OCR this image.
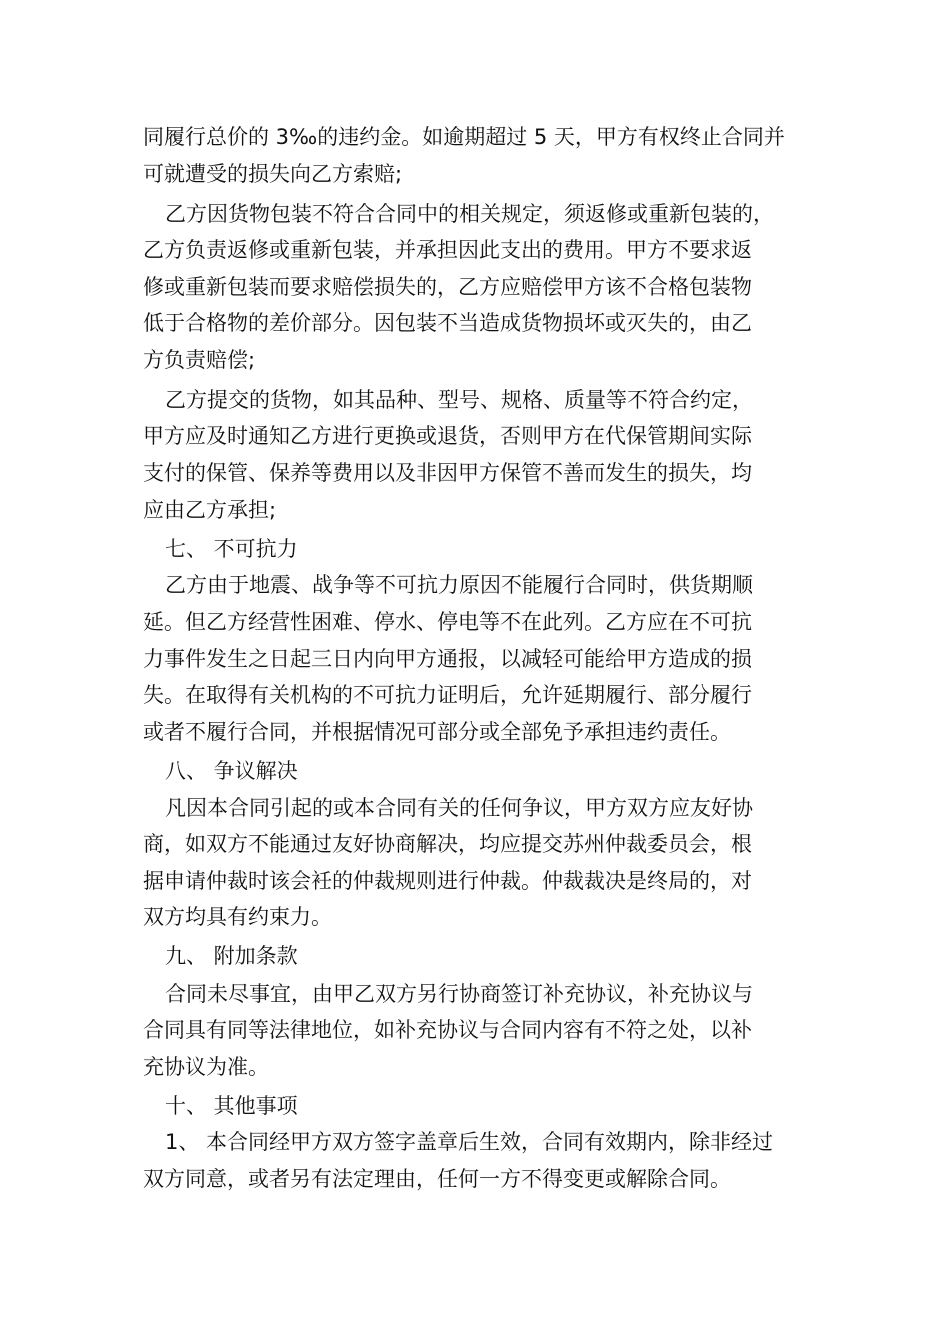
同履行总价的 3‰的违约金。如逾期超过 5 天，甲方有权终止合同并
可就遭受的损失向乙方索赔;
乙方因货物包装不符合合同中的相关规定，须返修或重新包装的，
乙方负责返修或重新包装，并承担因此支出的费用。甲方不要求返
修或重新包装而要求赔偿损失的，乙方应赔偿甲方该不合格包装物
低于合格物的差价部分。因包装不当造成货物损坏或灭失的，由乙
方负责赔偿;
乙方提交的货物，如其品种、型号、规格、质量等不符合约定，
甲方应及时通知乙方进行更换或退货，否则甲方在代保管期间实际
支付的保管、保养等费用以及非因甲方保管不善而发生的损失，均
应由乙方承担;
七、 不可抗力
乙方由于地震、战争等不可抗力原因不能履行合同时，供货期顺
延。但乙方经营性困难、停水、停电等不在此列。乙方应在不可抗
力事件发生之日起三日内向甲方通报，以减轻可能给甲方造成的损
失。在取得有关机构的不可抗力证明后，允许延期履行、部分履行
或者不履行合同，并根据情况可部分或全部免予承担违约责任。
八、 争议解决
凡因本合同引起的或本合同有关的任何争议，甲方双方应友好协
商，如双方不能通过友好协商解决，均应提交苏州仲裁委员会，根
据申请仲裁时该会衽的仲裁规则进行仲裁。仲裁裁决是终局的，对
双方均具有约束力。
九、 附加条款
合同未尽事宜，由甲乙双方另行协商签订补充协议，补充协议与
合同具有同等法律地位，如补充协议与合同内容有不符之处，以补
充协议为准。
十、 其他事项
1、 本合同经甲方双方签字盖章后生效，合同有效期内，除非经过
双方同意，或者另有法定理由，任何一方不得变更或解除合同。
